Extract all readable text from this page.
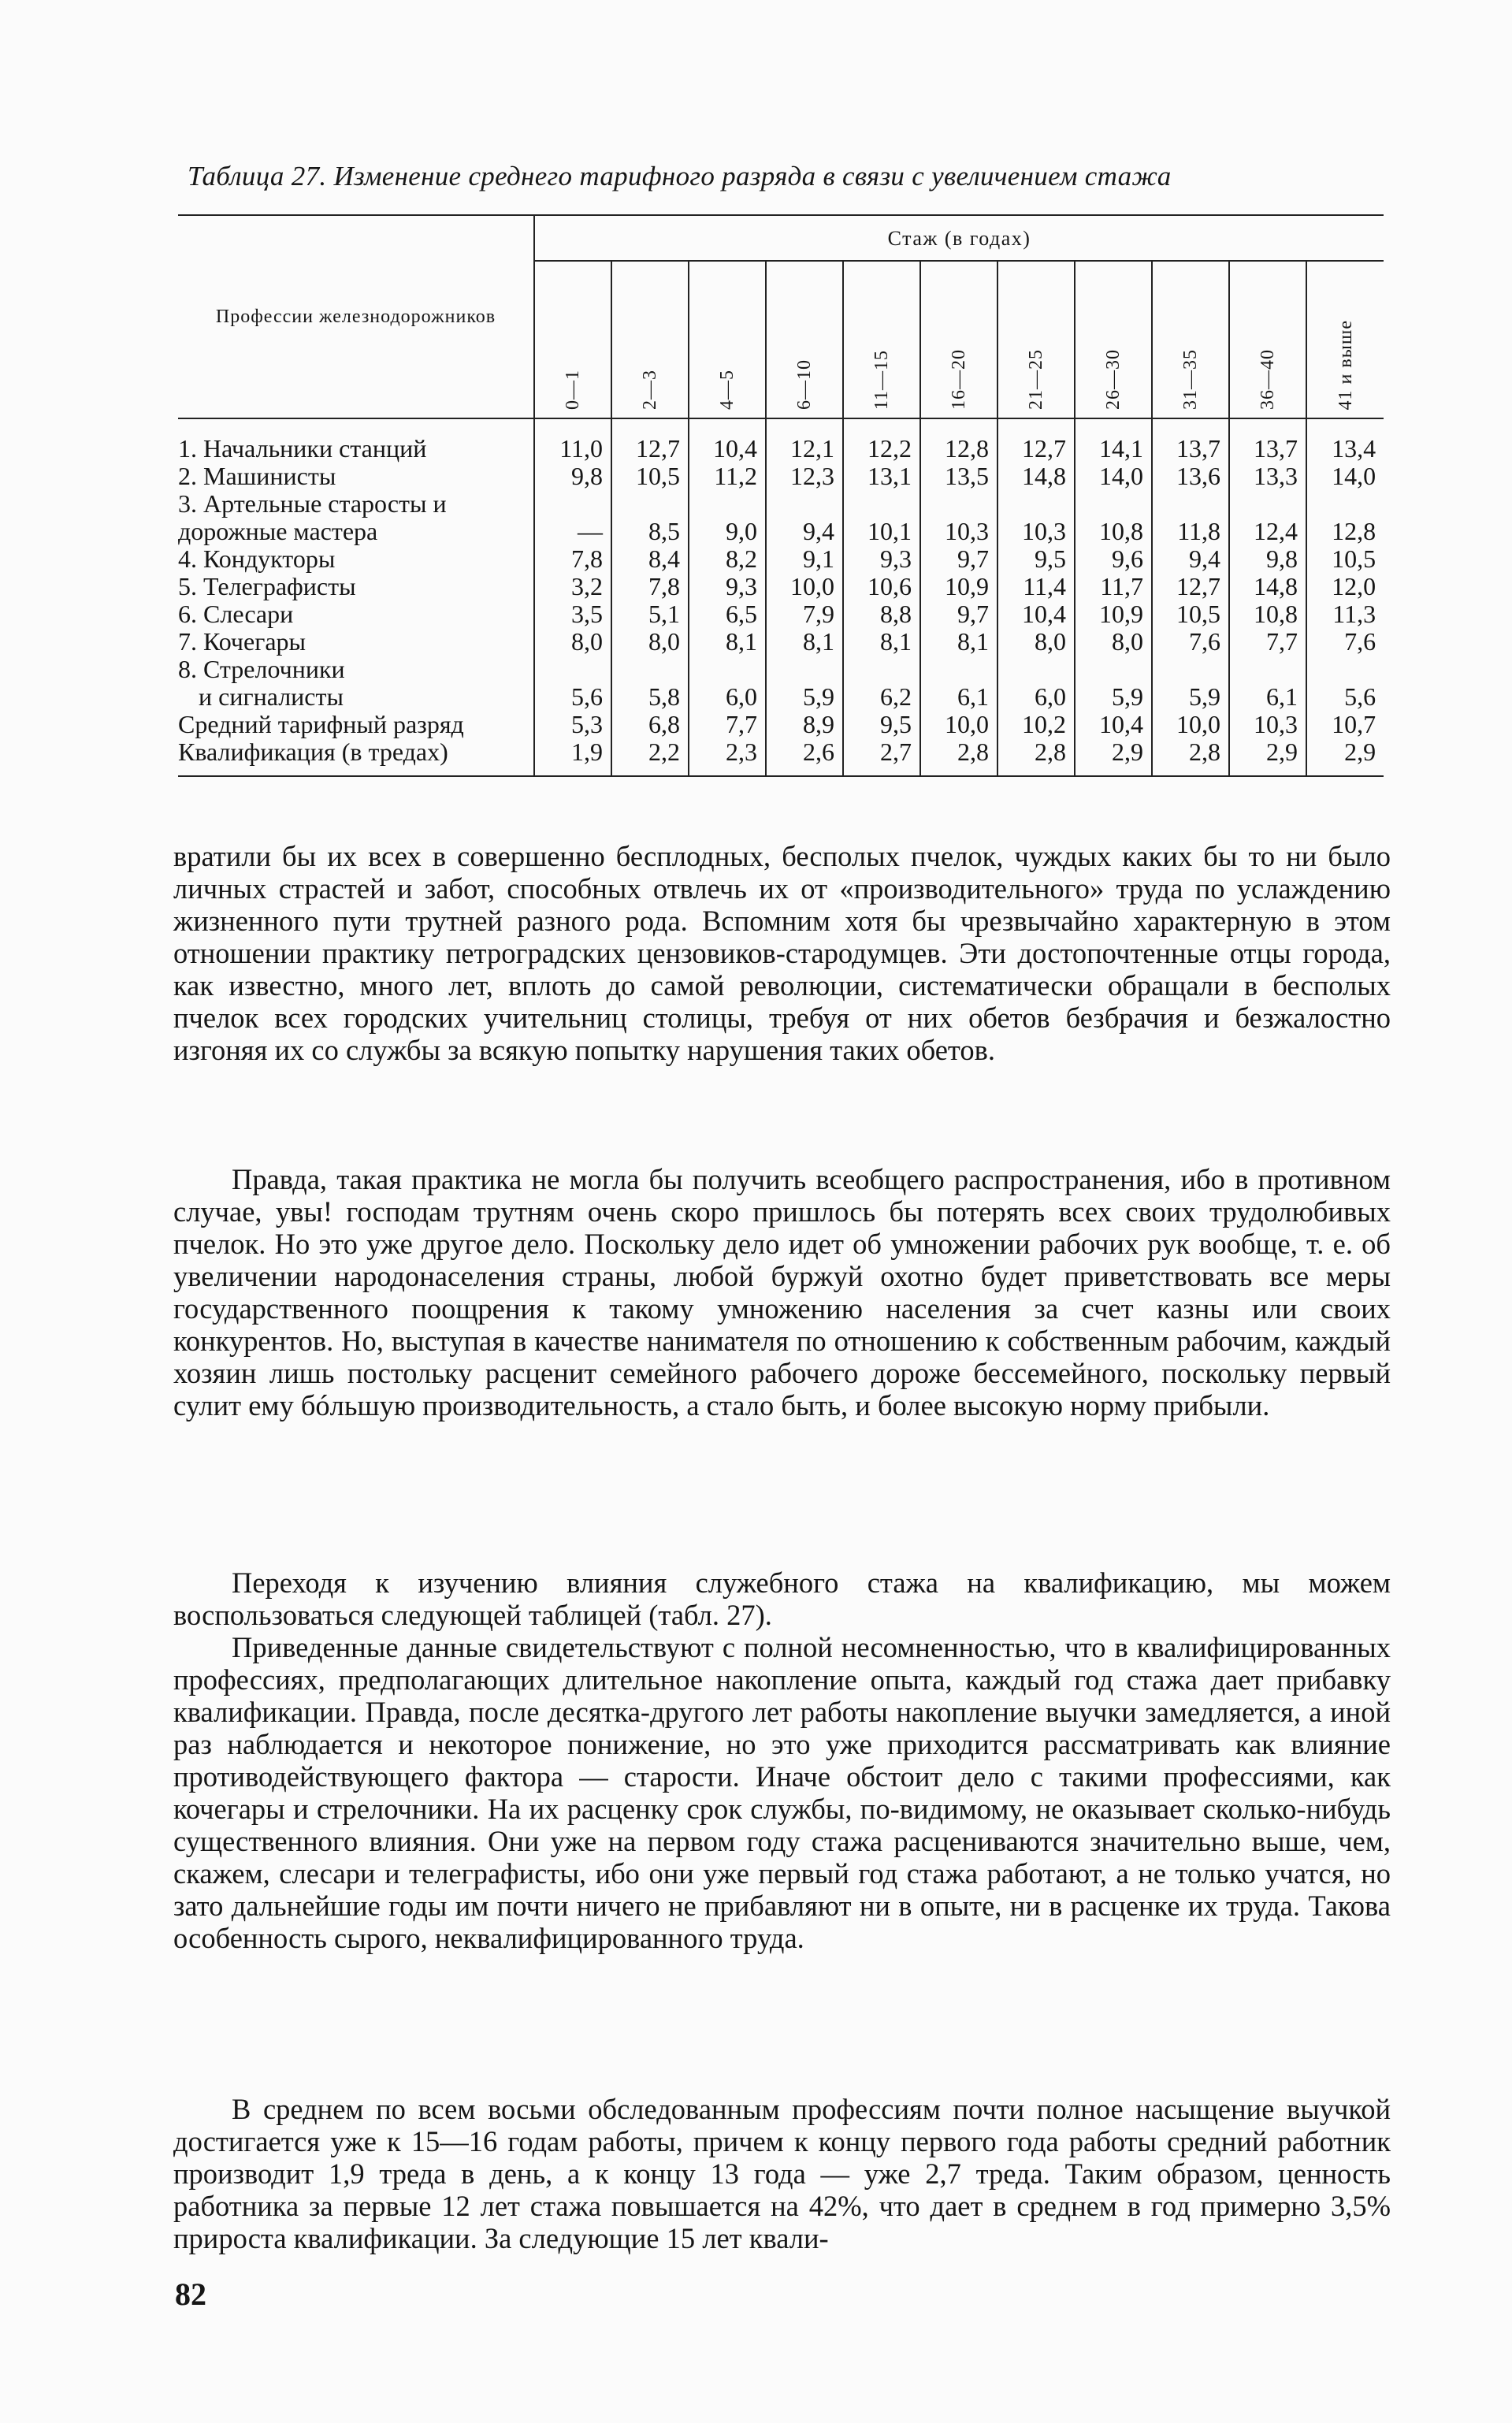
Таблица 27. Изменение среднего тарифного разряда в связи с увеличением стажа
Профессии железнодорожников	Стаж (в годах)										

	0—1	2—3	4—5	6—10	11—15	16—20	21—25	26—30	31—35	36—40	41 и выше

1. Начальники станций	11,0	12,7	10,4	12,1	12,2	12,8	12,7	14,1	13,7	13,7	13,4

2. Машинисты	9,8	10,5	11,2	12,3	13,1	13,5	14,8	14,0	13,6	13,3	14,0

3. Артельные старосты и
дорожные мастера	—	8,5	9,0	9,4	10,1	10,3	10,3	10,8	11,8	12,4	12,8

4. Кондукторы	7,8	8,4	8,2	9,1	9,3	9,7	9,5	9,6	9,4	9,8	10,5

5. Телеграфисты	3,2	7,8	9,3	10,0	10,6	10,9	11,4	11,7	12,7	14,8	12,0

6. Слесари	3,5	5,1	6,5	7,9	8,8	9,7	10,4	10,9	10,5	10,8	11,3

7. Кочегары	8,0	8,0	8,1	8,1	8,1	8,1	8,0	8,0	7,6	7,7	7,6

8. Стрелочники
и сигналисты	5,6	5,8	6,0	5,9	6,2	6,1	6,0	5,9	5,9	6,1	5,6

Средний тарифный разряд	5,3	6,8	7,7	8,9	9,5	10,0	10,2	10,4	10,0	10,3	10,7

Квалификация (в тредах)	1,9	2,2	2,3	2,6	2,7	2,8	2,8	2,9	2,8	2,9	2,9
вратили бы их всех в совершенно бесплодных, бесполых пчелок, чуждых каких бы то ни было личных страстей и забот, способных отвлечь их от «производительного» труда по услаждению жизненного пути трутней разного рода. Вспомним хотя бы чрезвычайно характерную в этом отношении практику петроградских цензовиков-стародумцев. Эти достопочтенные отцы города, как известно, много лет, вплоть до самой революции, систематически обращали в бесполых пчелок всех городских учительниц столицы, требуя от них обетов безбрачия и безжалостно изгоняя их со службы за всякую попытку нарушения таких обетов.
Правда, такая практика не могла бы получить всеобщего распространения, ибо в противном случае, увы! господам трутням очень скоро пришлось бы потерять всех своих трудолюбивых пчелок. Но это уже другое дело. Поскольку дело идет об умножении рабочих рук вообще, т. е. об увеличении народонаселения страны, любой буржуй охотно будет приветствовать все меры государственного поощрения к такому умножению населения за счет казны или своих конкурентов. Но, выступая в качестве нанимателя по отношению к собственным рабочим, каждый хозяин лишь постольку расценит семейного рабочего дороже бессемейного, поскольку первый сулит ему бóльшую производительность, а стало быть, и более высокую норму прибыли.
Переходя к изучению влияния служебного стажа на квалификацию, мы можем воспользоваться следующей таблицей (табл. 27).
Приведенные данные свидетельствуют с полной несомненностью, что в квалифицированных профессиях, предполагающих длительное накопление опыта, каждый год стажа дает прибавку квалификации. Правда, после десятка-другого лет работы накопление выучки замедляется, а иной раз наблюдается и некоторое понижение, но это уже приходится рассматривать как влияние противодействующего фактора — старости. Иначе обстоит дело с такими профессиями, как кочегары и стрелочники. На их расценку срок службы, по-видимому, не оказывает сколько-нибудь существенного влияния. Они уже на первом году стажа расцениваются значительно выше, чем, скажем, слесари и телеграфисты, ибо они уже первый год стажа работают, а не только учатся, но зато дальнейшие годы им почти ничего не прибавляют ни в опыте, ни в расценке их труда. Такова особенность сырого, неквалифицированного труда.
В среднем по всем восьми обследованным профессиям почти полное насыщение выучкой достигается уже к 15—16 годам работы, причем к концу первого года работы средний работник производит 1,9 треда в день, а к концу 13 года — уже 2,7 треда. Таким образом, ценность работника за первые 12 лет стажа повышается на 42%, что дает в среднем в год примерно 3,5% прироста квалификации. За следующие 15 лет квали-
82
